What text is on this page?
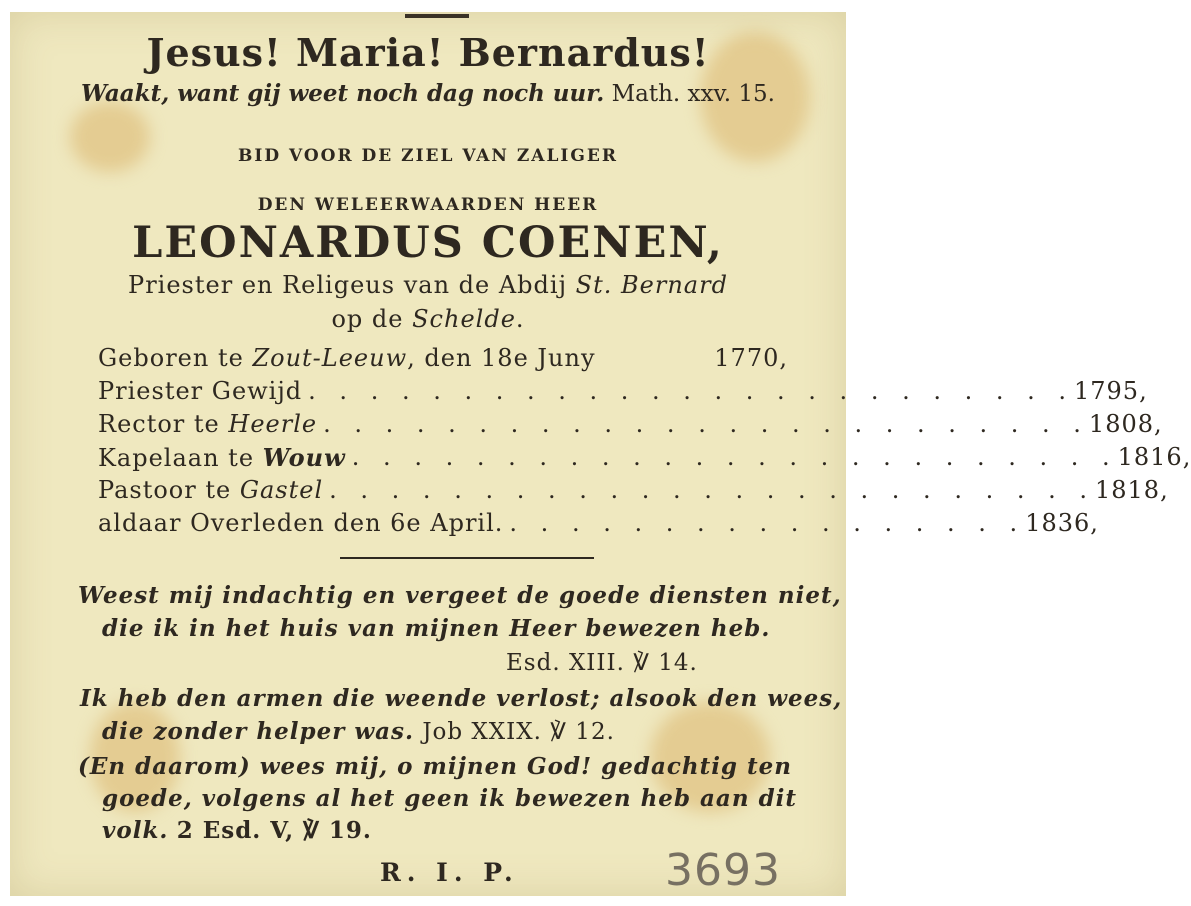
Jesus! Maria! Bernardus!
Waakt, want gij weet noch dag noch uur. Math. xxv. 15.
BID VOOR DE ZIEL VAN ZALIGER
DEN WELEERWAARDEN HEER
LEONARDUS COENEN,
Priester en Religeus van de Abdij St. Bernard
op de Schelde.
Geboren te Zout-Leeuw, den 18e Juny	1770,
Priester Gewijd . . . . . . . . . . . . . . . . . . . . . . . . . 1795,
Rector te Heerle . . . . . . . . . . . . . . . . . . . . . . . . . 1808,
Kapelaan te Wouw . . . . . . . . . . . . . . . . . . . . . . . . . 1816,
Pastoor te Gastel . . . . . . . . . . . . . . . . . . . . . . . . . 1818,
aldaar Overleden den 6e April. . . . . . . . . . . . . . . . . . 1836,
Weest mij indachtig en vergeet de goede diensten niet,
die ik in het huis van mijnen Heer bewezen heb.
Esd. XIII. ℣ 14.
Ik heb den armen die weende verlost; alsook den wees,
die zonder helper was. Job XXIX. ℣ 12.
(En daarom) wees mij, o mijnen God! gedachtig ten
goede, volgens al het geen ik bewezen heb aan dit
volk. 2 Esd. V, ℣ 19.
R. I. P.	3693
